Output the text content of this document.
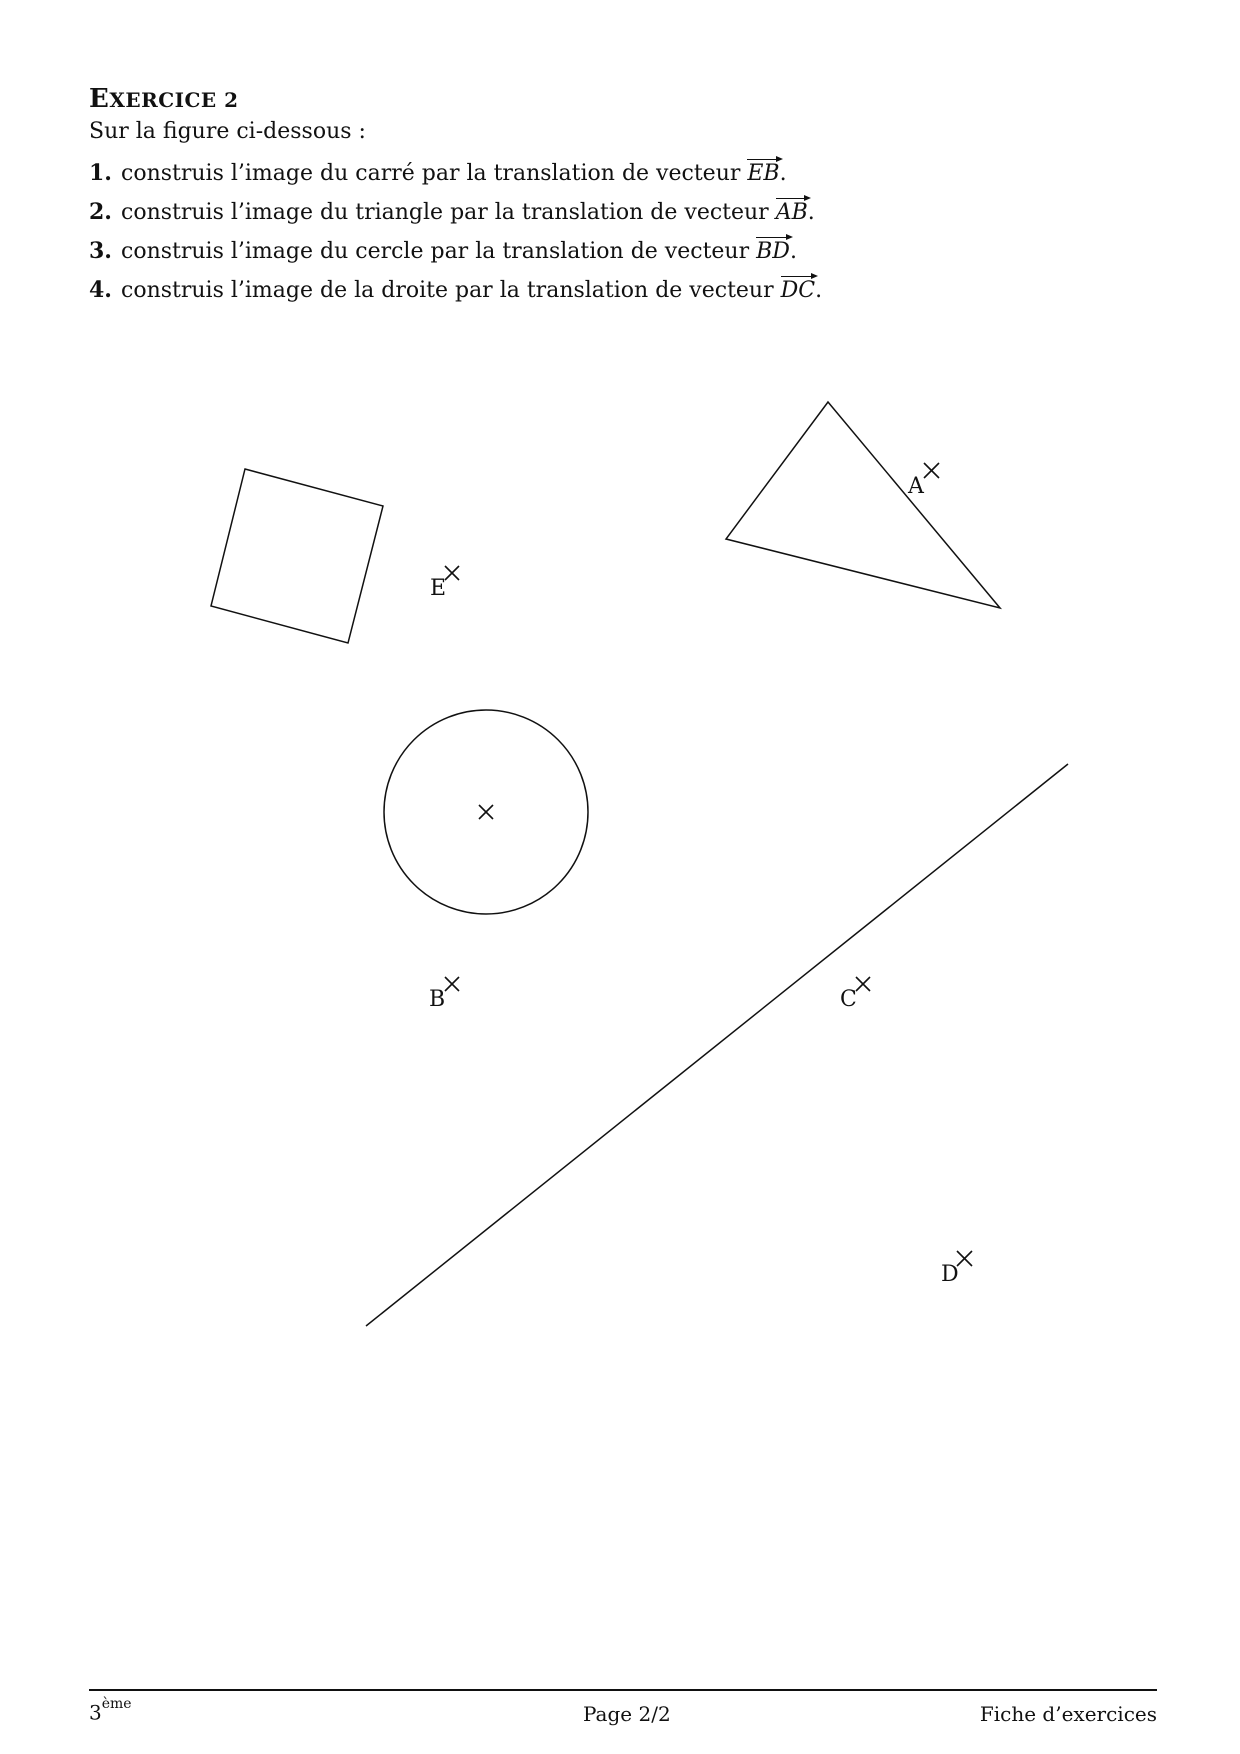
EXERCICE 2
Sur la figure ci-dessous :
1. construis l’image du carré par la translation de vecteur
EB.
2. construis l’image du triangle par la translation de vecteur
AB.
3. construis l’image du cercle par la translation de vecteur
BD.
4. construis l’image de la droite par la translation de vecteur
DC.
A
E
B	C
D
3ème	Page 2/2	Fiche d’exercices
